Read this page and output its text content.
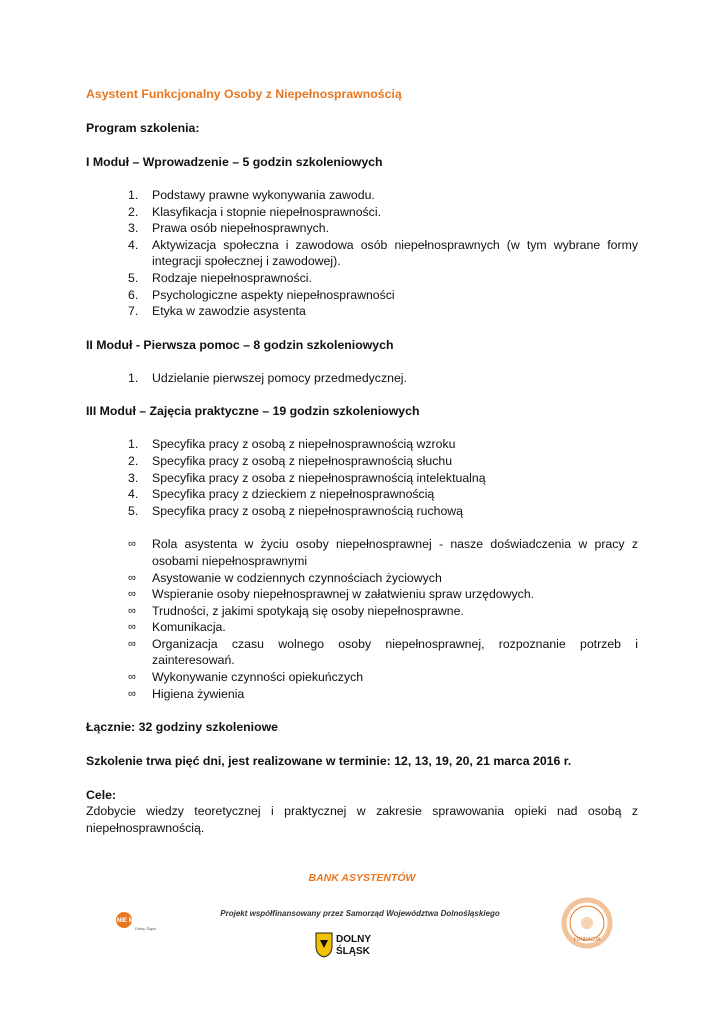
Asystent Funkcjonalny Osoby z Niepełnosprawnością

Program szkolenia:

I Moduł – Wprowadzenie – 5 godzin szkoleniowych

1.	Podstawy prawne wykonywania zawodu.
2.	Klasyfikacja i stopnie niepełnosprawności.
3.	Prawa osób niepełnosprawnych.
4.	Aktywizacja społeczna i zawodowa osób niepełnosprawnych (w tym wybrane formy integracji społecznej i zawodowej).
5.	Rodzaje niepełnosprawności.
6.	Psychologiczne aspekty niepełnosprawności
7.	Etyka w zawodzie asystenta

II Moduł - Pierwsza pomoc – 8 godzin szkoleniowych

1.	Udzielanie pierwszej pomocy przedmedycznej.

III Moduł – Zajęcia praktyczne – 19 godzin szkoleniowych

1.	Specyfika pracy z osobą z niepełnosprawnością wzroku
2.	Specyfika pracy z osobą z niepełnosprawnością słuchu
3.	Specyfika pracy z osoba z niepełnosprawnością intelektualną
4.	Specyfika pracy z dzieckiem z niepełnosprawnością
5.	Specyfika pracy z osobą z niepełnosprawnością ruchową
∞ Rola asystenta w życiu osoby niepełnosprawnej - nasze doświadczenia w pracy z osobami niepełnosprawnymi
∞ Asystowanie w codziennych czynnościach życiowych
∞ Wspieranie osoby niepełnosprawnej w załatwieniu spraw urzędowych.
∞ Trudności, z jakimi spotykają się osoby niepełnosprawne.
∞ Komunikacja.
∞ Organizacja czasu wolnego osoby niepełnosprawnej, rozpoznanie potrzeb i zainteresowań.
∞ Wykonywanie czynności opiekuńczych
∞ Higiena żywienia

Łącznie: 32 godziny szkoleniowe

Szkolenie trwa pięć dni, jest realizowane w terminie: 12, 13, 19, 20, 21 marca 2016 r.

Cele:

Zdobycie wiedzy teoretycznej i praktycznej w zakresie sprawowania opieki nad osobą z niepełnosprawnością.

BANK ASYSTENTÓW
NIE MA BARIER
Dolny Śląsk
Projekt współfinansowany przez Samorząd Województwa Dolnośląskiego
DOLNY
ŚLĄSK
FUNDACJA
